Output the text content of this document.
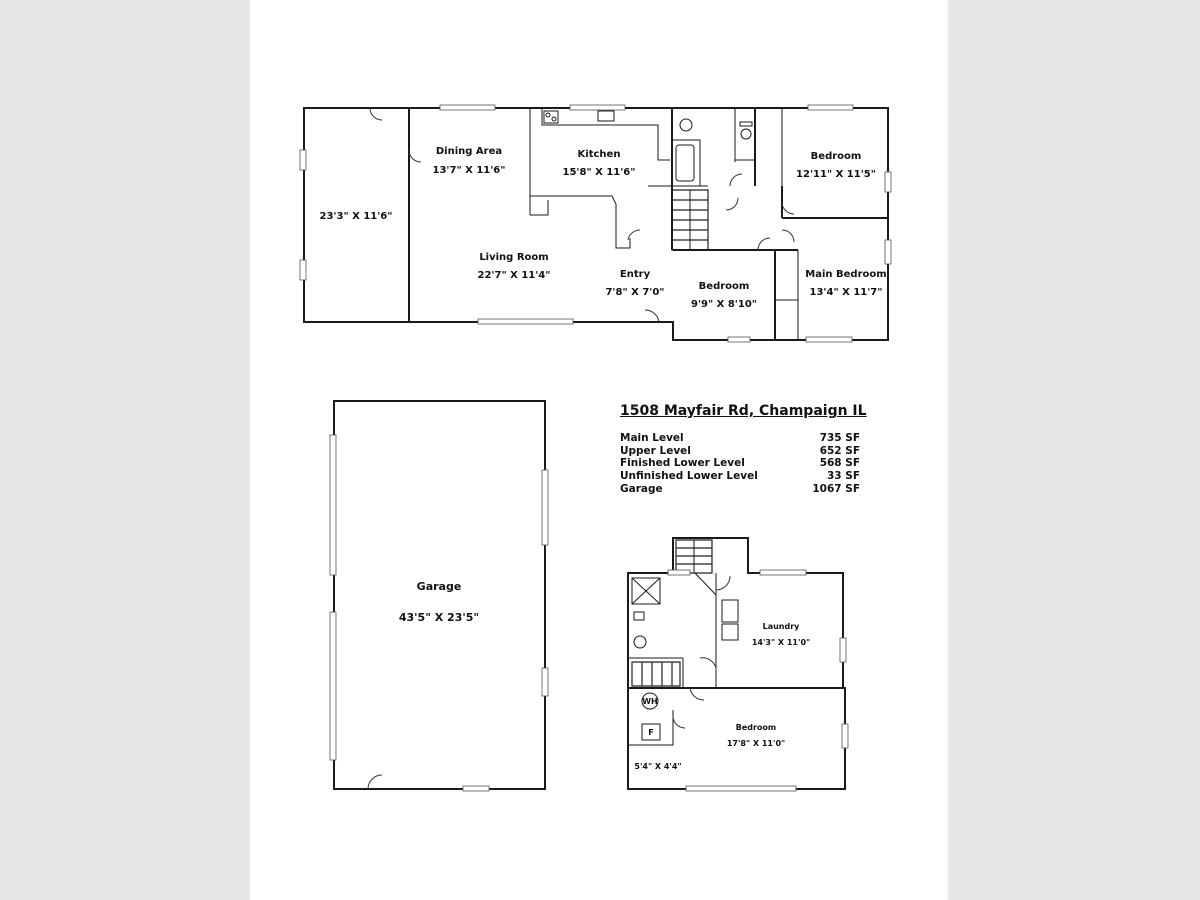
23'3" X 11'6"
Dining Area
13'7" X 11'6"
Kitchen
15'8" X 11'6"
Living Room
22'7" X 11'4"	Entry
7'8" X 7'0"
Bedroom
9'9" X 8'10"
Bedroom
12'11" X 11'5"
Main Bedroom
13'4" X 11'7"
Garage
43'5" X 23'5"
WH
F
Laundry
14'3" X 11'0"
Bedroom
17'8" X 11'0"
5'4" X 4'4"
1508 Mayfair Rd, Champaign IL
Main Level	735 SF
Upper Level	652 SF
Finished Lower Level	568 SF
Unfinished Lower Level	33 SF
Garage	1067 SF
